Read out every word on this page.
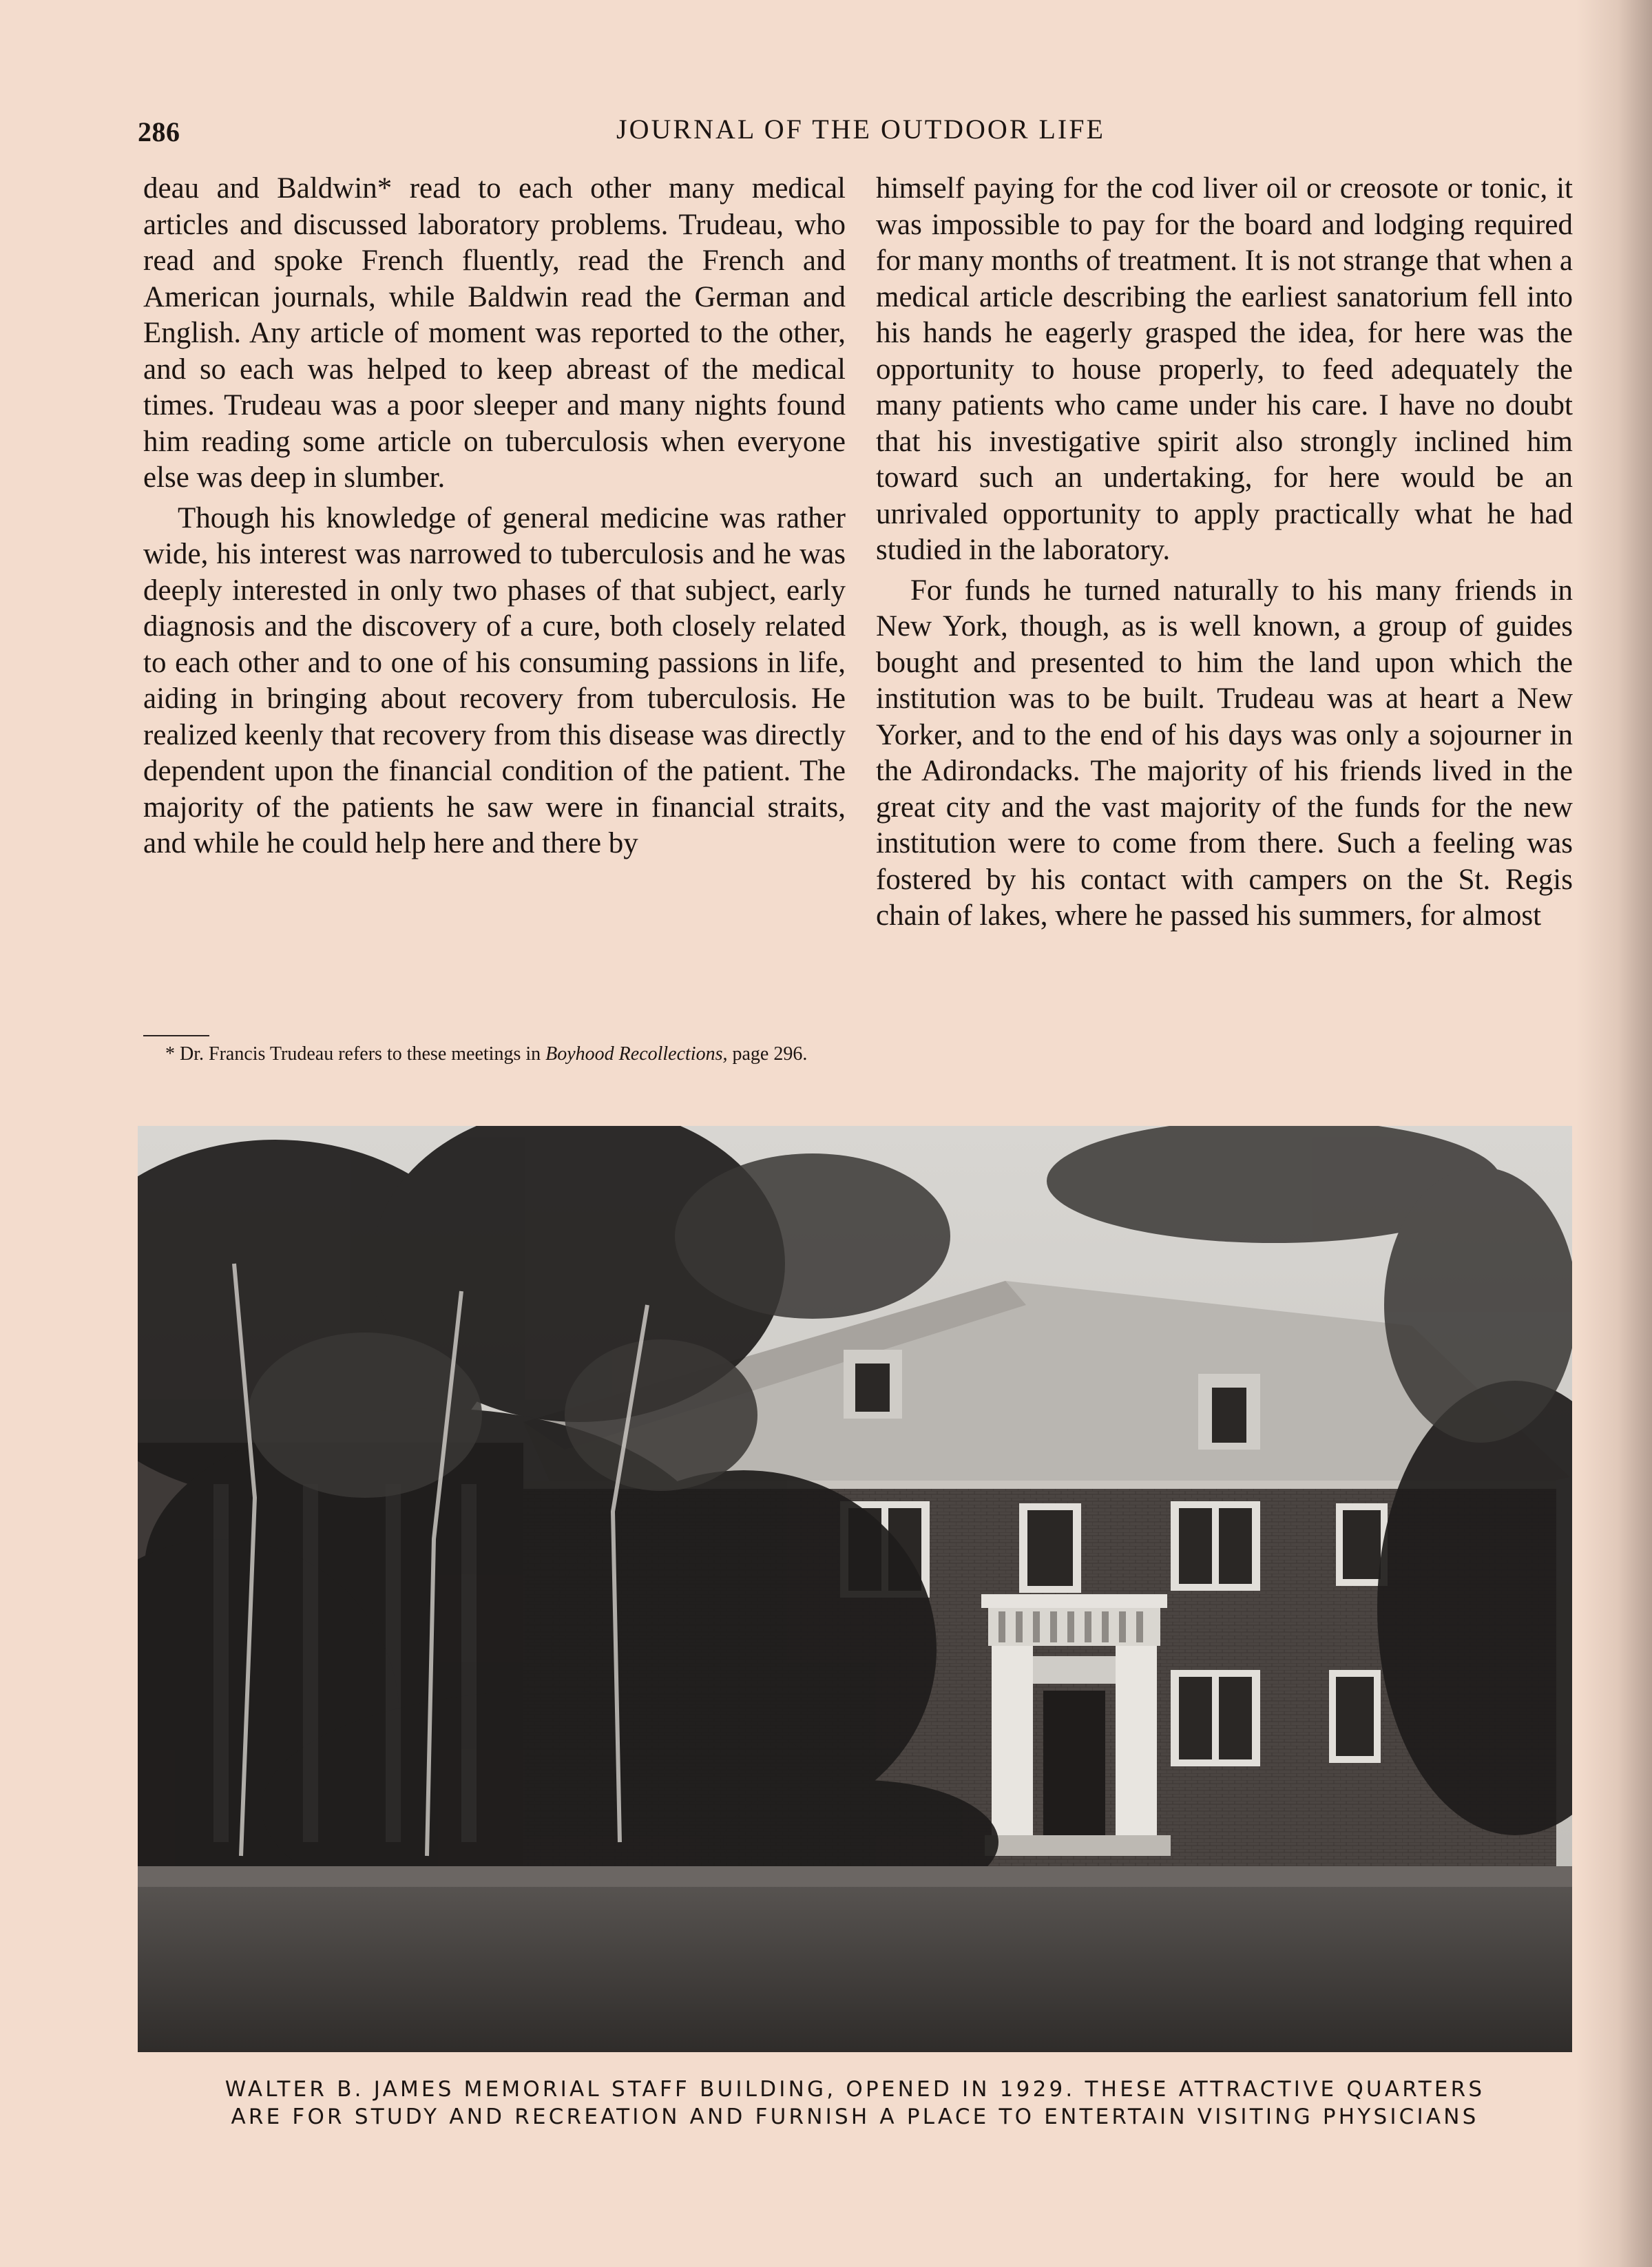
286	JOURNAL OF THE OUTDOOR LIFE

deau and Baldwin* read to each other many medical articles and discussed laboratory problems. Trudeau, who read and spoke French fluently, read the French and American journals, while Baldwin read the German and English. Any article of moment was reported to the other, and so each was helped to keep abreast of the medical times. Trudeau was a poor sleeper and many nights found him reading some article on tuberculosis when everyone else was deep in slumber.

Though his knowledge of general medicine was rather wide, his interest was narrowed to tuberculosis and he was deeply interested in only two phases of that subject, early diagnosis and the discovery of a cure, both closely related to each other and to one of his consuming passions in life, aiding in bringing about recovery from tuberculosis. He realized keenly that recovery from this disease was directly dependent upon the financial condition of the patient. The majority of the patients he saw were in financial straits, and while he could help here and there by

* Dr. Francis Trudeau refers to these meetings in Boyhood Recollections, page 296.

himself paying for the cod liver oil or creosote or tonic, it was impossible to pay for the board and lodging required for many months of treatment. It is not strange that when a medical article describing the earliest sanatorium fell into his hands he eagerly grasped the idea, for here was the opportunity to house properly, to feed adequately the many patients who came under his care. I have no doubt that his investigative spirit also strongly inclined him toward such an undertaking, for here would be an unrivaled opportunity to apply practically what he had studied in the laboratory.

For funds he turned naturally to his many friends in New York, though, as is well known, a group of guides bought and presented to him the land upon which the institution was to be built. Trudeau was at heart a New Yorker, and to the end of his days was only a sojourner in the Adirondacks. The majority of his friends lived in the great city and the vast majority of the funds for the new institution were to come from there. Such a feeling was fostered by his contact with campers on the St. Regis chain of lakes, where he passed his summers, for almost

WALTER B. JAMES MEMORIAL STAFF BUILDING, OPENED IN 1929. THESE ATTRACTIVE QUARTERS
ARE FOR STUDY AND RECREATION AND FURNISH A PLACE TO ENTERTAIN VISITING PHYSICIANS
